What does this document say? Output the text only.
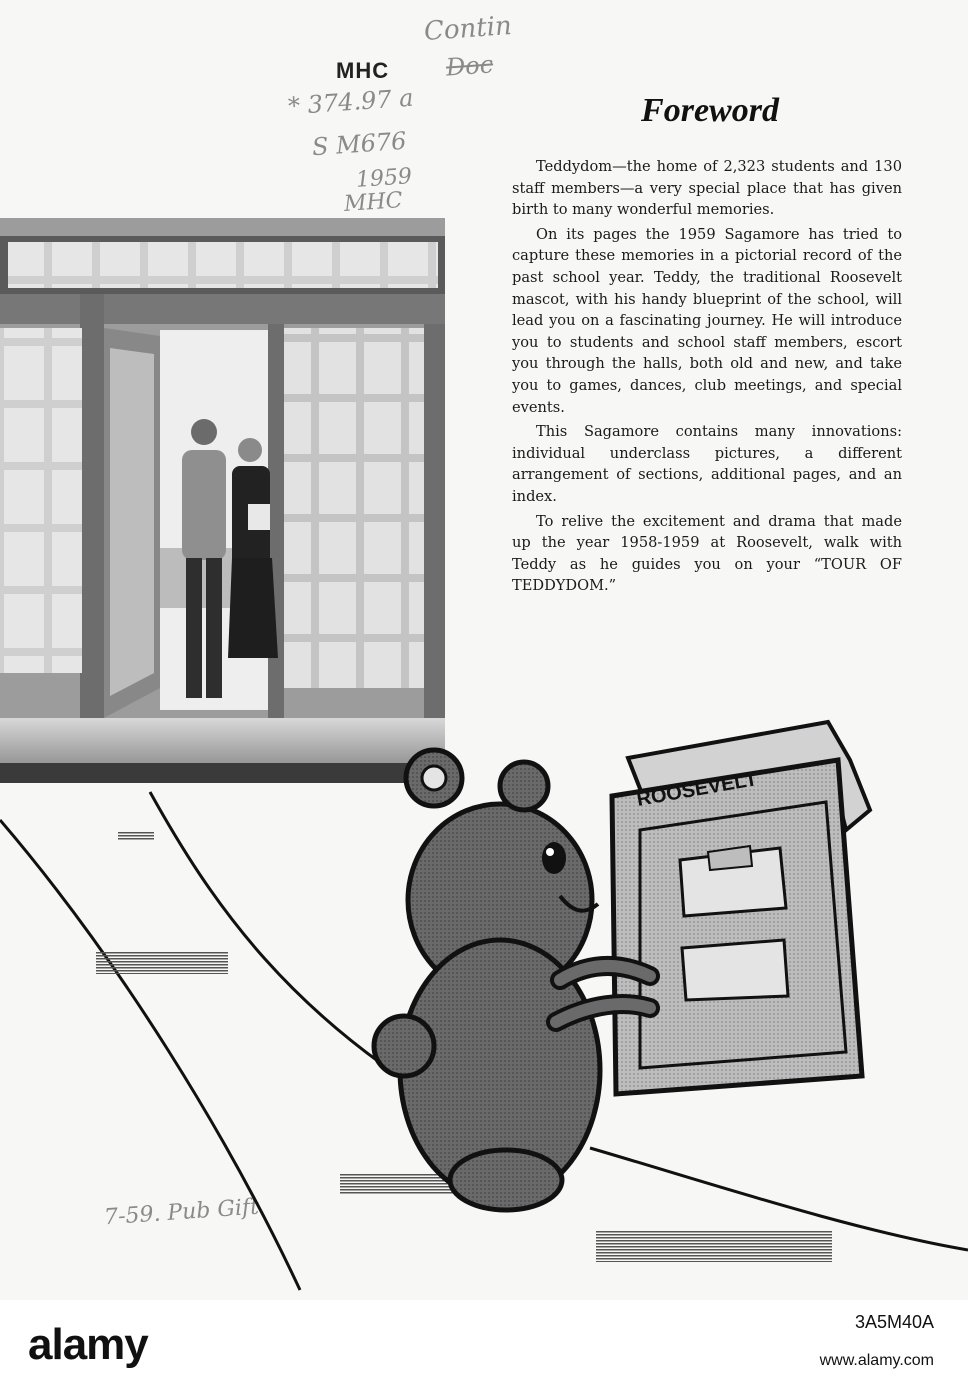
MHC
Contin
Doc
* 374.97 a
S M676
1959
MHC
7-59. Pub Gift
Foreword

Teddydom—the home of 2,323 students and 130 staff members—a very special place that has given birth to many wonderful memories.

On its pages the 1959 Sagamore has tried to capture these memories in a pictorial record of the past school year. Teddy, the traditional Roosevelt mascot, with his handy blueprint of the school, will lead you on a fascinating journey. He will introduce you to students and school staff members, escort you through the halls, both old and new, and take you to games, dances, club meetings, and special events.

This Sagamore contains many innovations: individual underclass pictures, a different arrangement of sections, additional pages, and an index.

To relive the excitement and drama that made up the year 1958-1959 at Roosevelt, walk with Teddy as he guides you on your “TOUR OF TEDDYDOM.”

ROOSEVELT
alamy	3A5M40A
www.alamy.com
